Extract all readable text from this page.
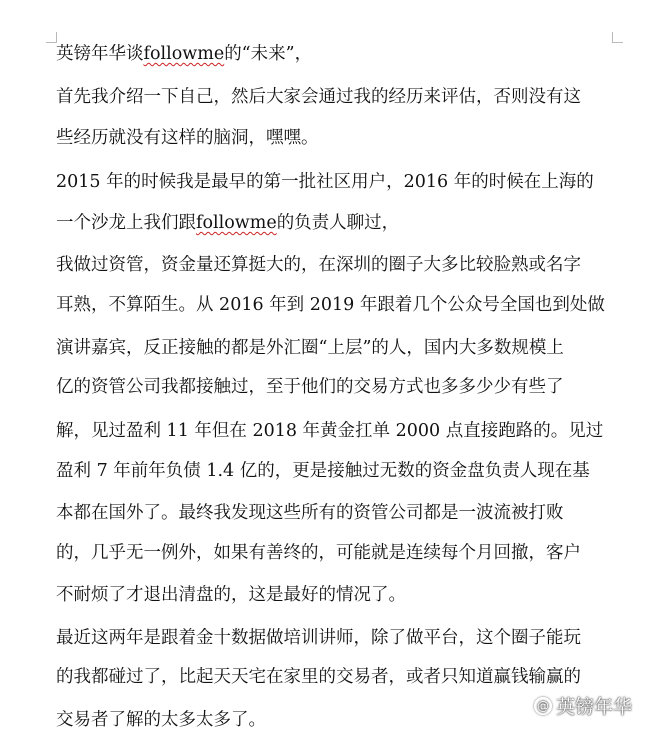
英镑年华谈followme的“未来”，
首先我介绍一下自己，然后大家会通过我的经历来评估，否则没有这
些经历就没有这样的脑洞，嘿嘿。
2015 年的时候我是最早的第一批社区用户，2016 年的时候在上海的
一个沙龙上我们跟followme的负责人聊过，
我做过资管，资金量还算挺大的，在深圳的圈子大多比较脸熟或名字
耳熟，不算陌生。从 2016 年到 2019 年跟着几个公众号全国也到处做
演讲嘉宾，反正接触的都是外汇圈“上层”的人，国内大多数规模上
亿的资管公司我都接触过，至于他们的交易方式也多多少少有些了
解，见过盈利 11 年但在 2018 年黄金扛单 2000 点直接跑路的。见过
盈利 7 年前年负债 1.4 亿的，更是接触过无数的资金盘负责人现在基
本都在国外了。最终我发现这些所有的资管公司都是一波流被打败
的，几乎无一例外，如果有善终的，可能就是连续每个月回撤，客户
不耐烦了才退出清盘的，这是最好的情况了。
最近这两年是跟着金十数据做培训讲师，除了做平台，这个圈子能玩
的我都碰过了，比起天天宅在家里的交易者，或者只知道赢钱输赢的
交易者了解的太多太多了。
@ 英镑年华
